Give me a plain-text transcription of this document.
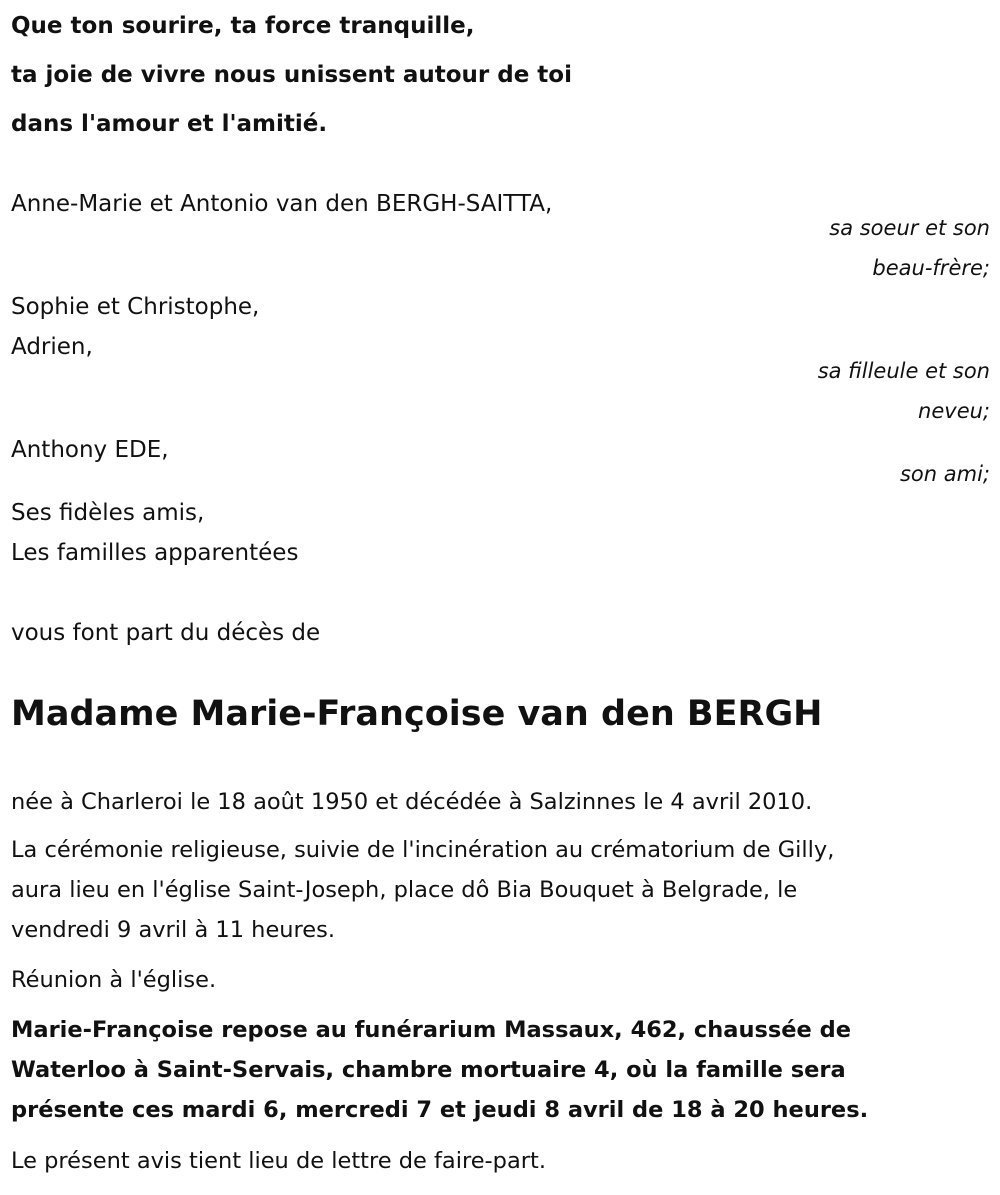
Que ton sourire, ta force tranquille,
ta joie de vivre nous unissent autour de toi
dans l'amour et l'amitié.
Anne-Marie et Antonio van den BERGH-SAITTA,
sa soeur et son
beau-frère;
Sophie et Christophe,
Adrien,
sa filleule et son
neveu;
Anthony EDE,
son ami;
Ses fidèles amis,
Les familles apparentées
vous font part du décès de
Madame Marie-Françoise van den BERGH
née à Charleroi le 18 août 1950 et décédée à Salzinnes le 4 avril 2010.
La cérémonie religieuse, suivie de l'incinération au crématorium de Gilly,
aura lieu en l'église Saint-Joseph, place dô Bia Bouquet à Belgrade, le
vendredi 9 avril à 11 heures.
Réunion à l'église.
Marie-Françoise repose au funérarium Massaux, 462, chaussée de
Waterloo à Saint-Servais, chambre mortuaire 4, où la famille sera
présente ces mardi 6, mercredi 7 et jeudi 8 avril de 18 à 20 heures.
Le présent avis tient lieu de lettre de faire-part.
